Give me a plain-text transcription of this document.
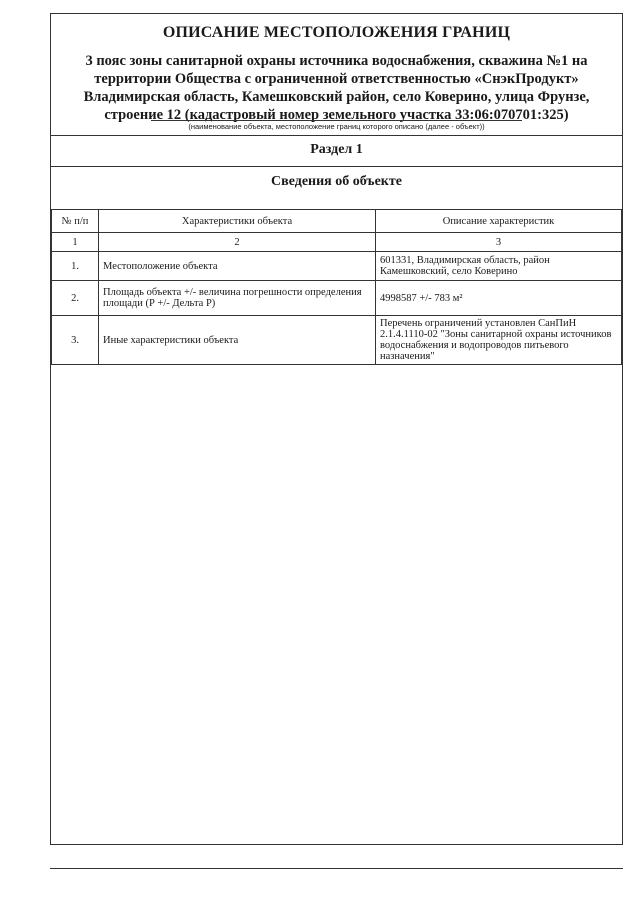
ОПИСАНИЕ МЕСТОПОЛОЖЕНИЯ ГРАНИЦ
3 пояс зоны санитарной охраны источника водоснабжения, скважина №1 на территории Общества с ограниченной ответственностью «СнэкПродукт» Владимирская область, Камешковский район, село Коверино, улица Фрунзе, строение 12 (кадастровый номер земельного участка 33:06:070701:325)
(наименование объекта, местоположение границ которого описано (далее - объект))
Раздел 1
Сведения об объекте
№ п/п	Характеристики объекта	Описание характеристик
1	2	3
1.	Местоположение объекта	601331, Владимирская область, район Камешковский, село Коверино
2.	Площадь объекта +/- величина погрешности определения площади (Р +/- Дельта Р)	4998587 +/- 783 м²
3.	Иные характеристики объекта	Перечень ограничений установлен СанПиН 2.1.4.1110-02 "Зоны санитарной охраны источников водоснабжения и водопроводов питьевого назначения"
